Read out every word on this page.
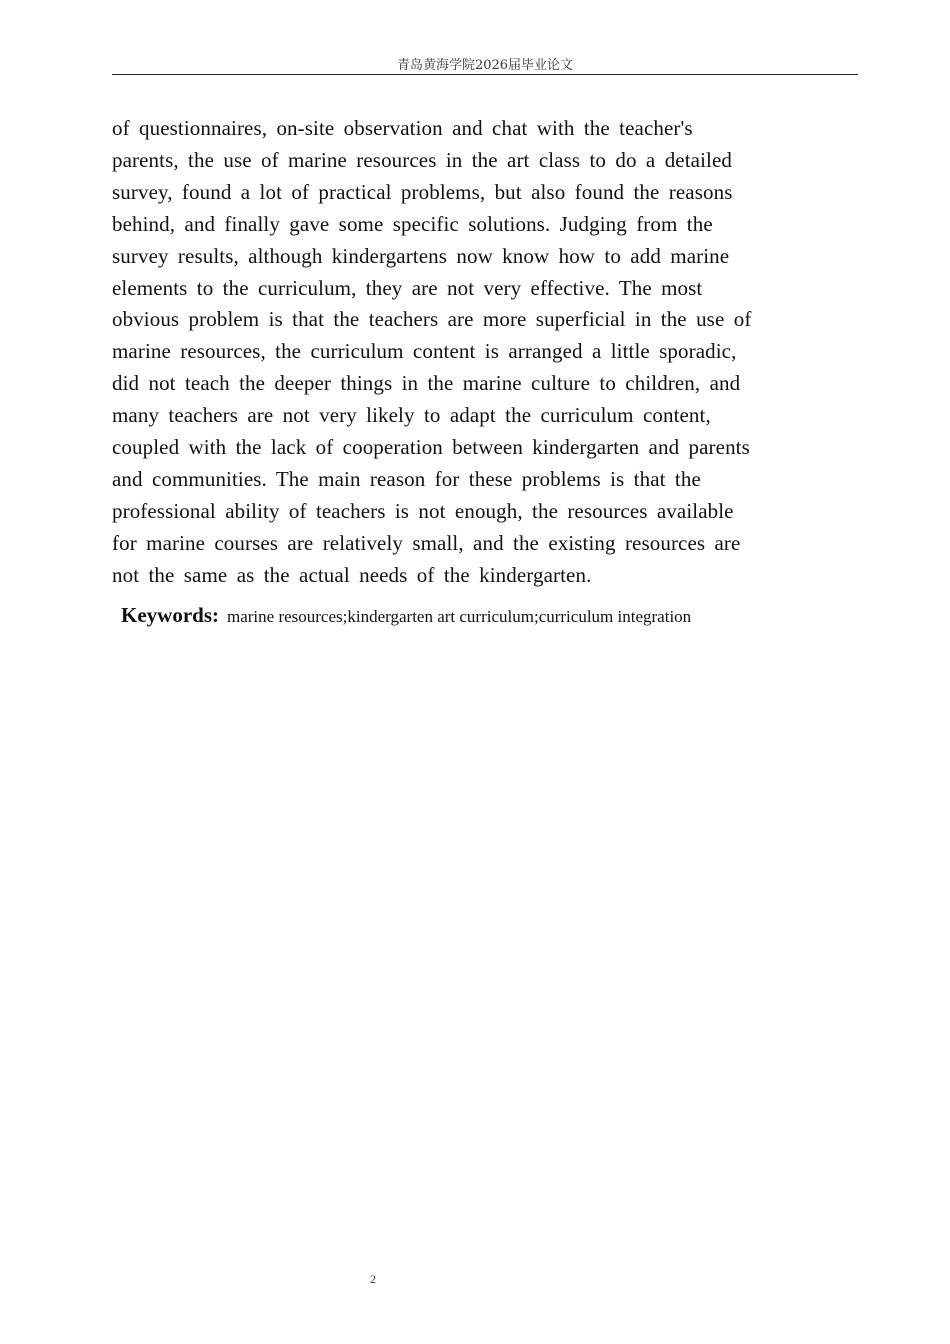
青岛黄海学院2026届毕业论文
of questionnaires, on-site observation and chat with the teacher's
parents, the use of marine resources in the art class to do a detailed
survey, found a lot of practical problems, but also found the reasons
behind, and finally gave some specific solutions. Judging from the
survey results, although kindergartens now know how to add marine
elements to the curriculum, they are not very effective. The most
obvious problem is that the teachers are more superficial in the use of
marine resources, the curriculum content is arranged a little sporadic,
did not teach the deeper things in the marine culture to children, and
many teachers are not very likely to adapt the curriculum content,
coupled with the lack of cooperation between kindergarten and parents
and communities. The main reason for these problems is that the
professional ability of teachers is not enough, the resources available
for marine courses are relatively small, and the existing resources are
not the same as the actual needs of the kindergarten.
Keywords: marine resources;kindergarten art curriculum;curriculum integration
2
